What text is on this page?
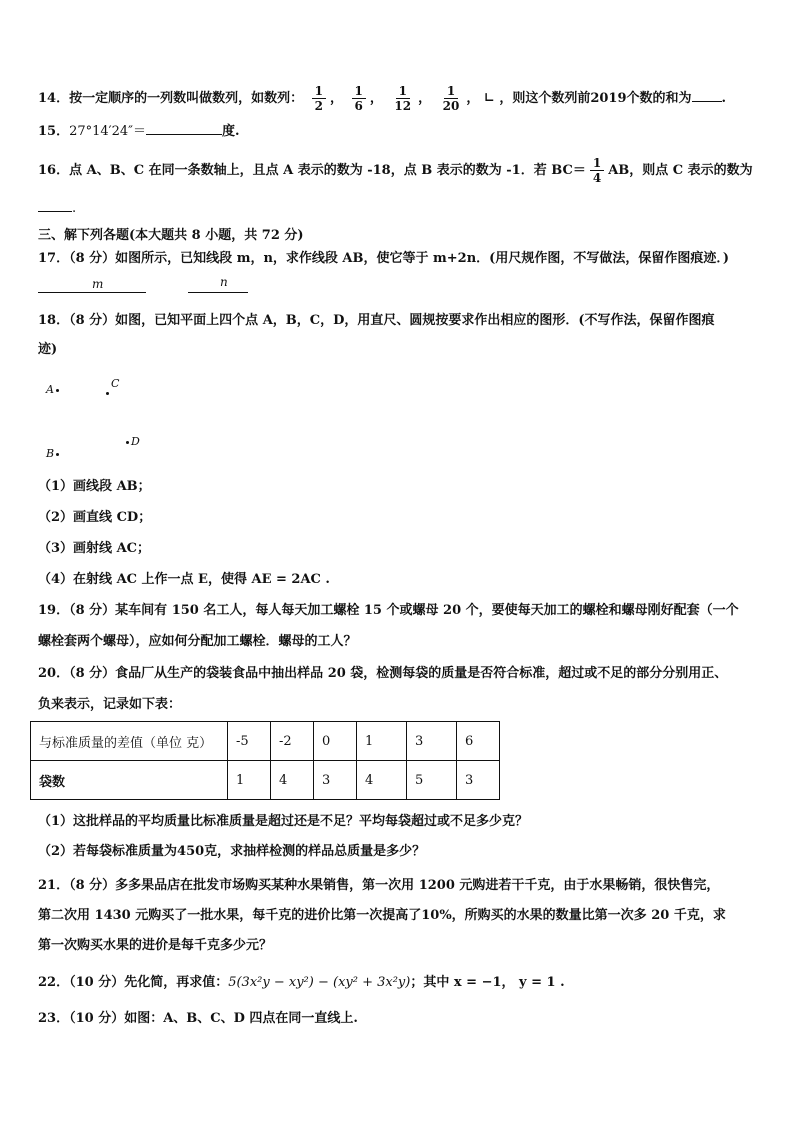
14．按一定顺序的一列数叫做数列，如数列： $\frac{1}{2}$ ， $\frac{1}{6}$ ， $\frac{1}{12}$ ， $\frac{1}{20}$ ， ∟ ，则这个数列前2019个数的和为 .
15．27°14′24″＝	度.
16．点 A、B、C 在同一条数轴上，且点 A 表示的数为 -18，点 B 表示的数为 -1．若 $BC= \frac{1}{4}$ AB，则点 C 表示的数为
.
三、解下列各题(本大题共 8 小题，共 72 分)
17．（8 分）如图所示，已知线段 m，n，求作线段 AB，使它等于 m+2n．(用尺规作图，不写做法，保留作图痕迹．)
m	n
18．（8 分）如图，已知平面上四个点 A，B，C，D，用直尺、圆规按要求作出相应的图形．(不写作法，保留作图痕
迹)
A	C
D
B
（1）画线段 AB；
（2）画直线 CD；
（3）画射线 AC；
（4）在射线 AC 上作一点 E，使得 AE = 2AC .
19．（8 分）某车间有 150 名工人，每人每天加工螺栓 15 个或螺母 20 个，要使每天加工的螺栓和螺母刚好配套（一个
螺栓套两个螺母），应如何分配加工螺栓．螺母的工人？
20．（8 分）食品厂从生产的袋装食品中抽出样品 20 袋，检测每袋的质量是否符合标准，超过或不足的部分分别用正、
负来表示，记录如下表：
与标准质量的差值（单位 克）	-5	-2	0	1	3	6
袋数	1	4	3	4	5	3
（1）这批样品的平均质量比标准质量是超过还是不足？平均每袋超过或不足多少克？
（2）若每袋标准质量为450克，求抽样检测的样品总质量是多少？
21．（8 分）多多果品店在批发市场购买某种水果销售，第一次用 1200 元购进若干千克，由于水果畅销，很快售完，
第二次用 1430 元购买了一批水果，每千克的进价比第一次提高了10%，所购买的水果的数量比第一次多 20 千克，求
第一次购买水果的进价是每千克多少元？
22．（10 分）先化简，再求值：5(3x²y − xy²) − (xy² + 3x²y)；其中 x = −1， y = 1 .
23．（10 分）如图：A、B、C、D 四点在同一直线上.
